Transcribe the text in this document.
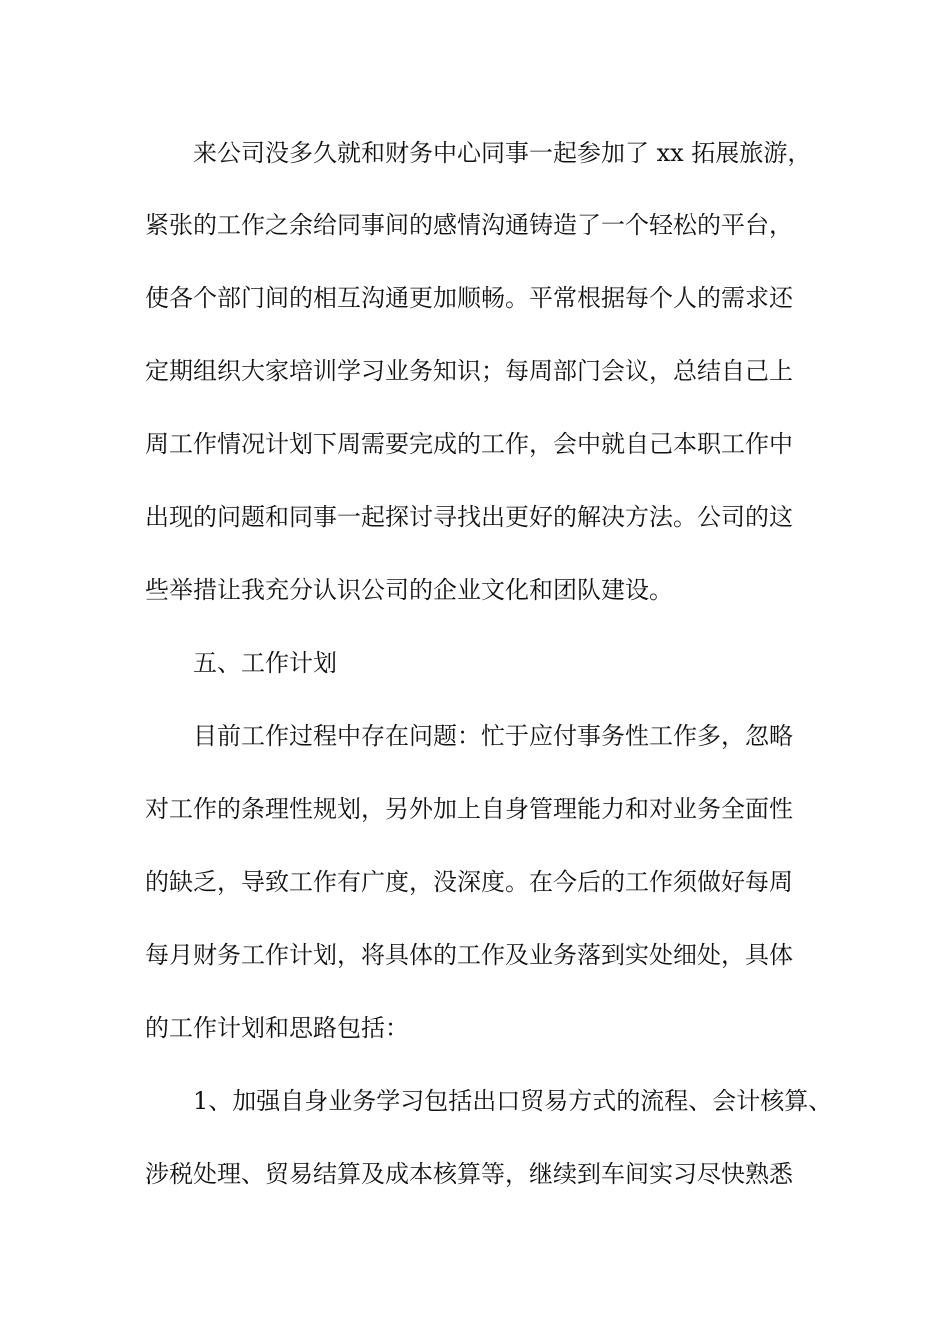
来公司没多久就和财务中心同事一起参加了 xx 拓展旅游，
紧张的工作之余给同事间的感情沟通铸造了一个轻松的平台，
使各个部门间的相互沟通更加顺畅。平常根据每个人的需求还
定期组织大家培训学习业务知识；每周部门会议，总结自己上
周工作情况计划下周需要完成的工作，会中就自己本职工作中
出现的问题和同事一起探讨寻找出更好的解决方法。公司的这
些举措让我充分认识公司的企业文化和团队建设。
五、工作计划
目前工作过程中存在问题：忙于应付事务性工作多，忽略
对工作的条理性规划，另外加上自身管理能力和对业务全面性
的缺乏，导致工作有广度，没深度。在今后的工作须做好每周
每月财务工作计划，将具体的工作及业务落到实处细处，具体
的工作计划和思路包括：
1、加强自身业务学习包括出口贸易方式的流程、会计核算、
涉税处理、贸易结算及成本核算等，继续到车间实习尽快熟悉
